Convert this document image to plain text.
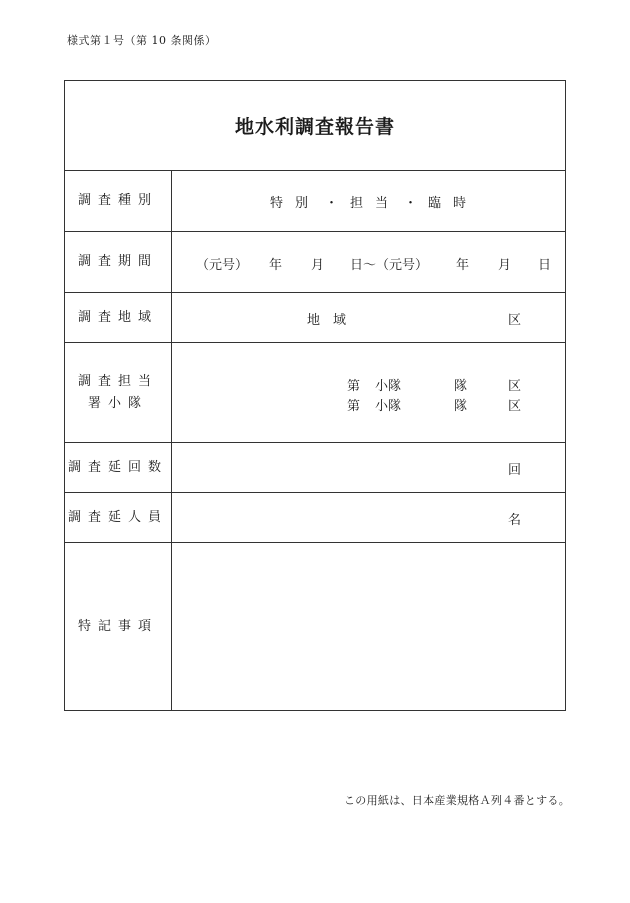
様式第１号（第 10 条関係）
地水利調査報告書
調査種別	特別 ・ 担当 ・ 臨時
調査期間	（元号） 年 月 日〜（元号） 年 月 日
調査地域	地　域	区
調査担当
署小隊
第 小隊	隊	区
第 小隊	隊	区
調査延回数	回
調査延人員	名
特記事項
この用紙は、日本産業規格Ａ列４番とする。
